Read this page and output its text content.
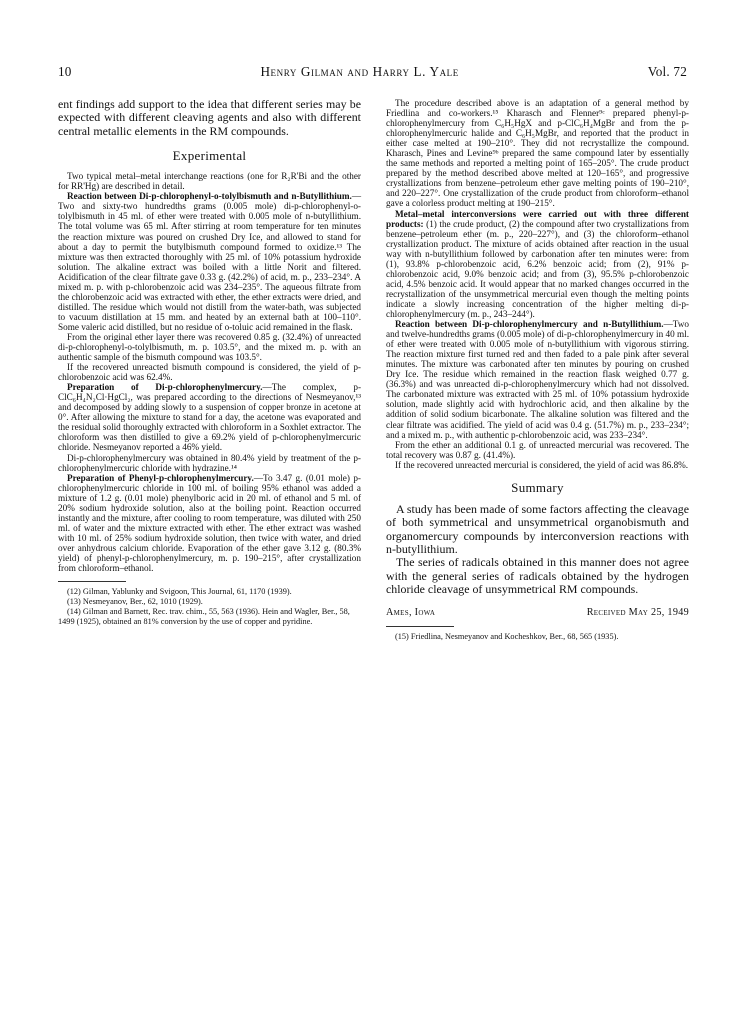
10	Henry Gilman and Harry L. Yale	Vol. 72

ent findings add support to the idea that different series may be expected with different cleaving agents and also with different central metallic elements in the RM compounds.

Experimental

Two typical metal–metal interchange reactions (one for R₂R'Bi and the other for RR'Hg) are described in detail.

Reaction between Di-p-chlorophenyl-o-tolylbismuth and n-Butyllithium.—Two and sixty-two hundredths grams (0.005 mole) di-p-chlorophenyl-o-tolylbismuth in 45 ml. of ether were treated with 0.005 mole of n-butyllithium. The total volume was 65 ml. After stirring at room temperature for ten minutes the reaction mixture was poured on crushed Dry Ice, and allowed to stand for about a day to permit the butylbismuth compound formed to oxidize.¹³ The mixture was then extracted thoroughly with 25 ml. of 10% potassium hydroxide solution. The alkaline extract was boiled with a little Norit and filtered. Acidification of the clear filtrate gave 0.33 g. (42.2%) of acid, m. p., 233–234°. A mixed m. p. with p-chlorobenzoic acid was 234–235°. The aqueous filtrate from the chlorobenzoic acid was extracted with ether, the ether extracts were dried, and distilled. The residue which would not distill from the water-bath, was subjected to vacuum distillation at 15 mm. and heated by an external bath at 100–110°. Some valeric acid distilled, but no residue of o-toluic acid remained in the flask.

From the original ether layer there was recovered 0.85 g. (32.4%) of unreacted di-p-chlorophenyl-o-tolylbismuth, m. p. 103.5°, and the mixed m. p. with an authentic sample of the bismuth compound was 103.5°.

If the recovered unreacted bismuth compound is considered, the yield of p-chlorobenzoic acid was 62.4%.

Preparation of Di-p-chlorophenylmercury.—The complex, p-ClC₆H₄N₂Cl·HgCl₂, was prepared according to the directions of Nesmeyanov,¹³ and decomposed by adding slowly to a suspension of copper bronze in acetone at 0°. After allowing the mixture to stand for a day, the acetone was evaporated and the residual solid thoroughly extracted with chloroform in a Soxhlet extractor. The chloroform was then distilled to give a 69.2% yield of p-chlorophenylmercuric chloride. Nesmeyanov reported a 46% yield.

Di-p-chlorophenylmercury was obtained in 80.4% yield by treatment of the p-chlorophenylmercuric chloride with hydrazine.¹⁴

Preparation of Phenyl-p-chlorophenylmercury.—To 3.47 g. (0.01 mole) p-chlorophenylmercuric chloride in 100 ml. of boiling 95% ethanol was added a mixture of 1.2 g. (0.01 mole) phenylboric acid in 20 ml. of ethanol and 5 ml. of 20% sodium hydroxide solution, also at the boiling point. Reaction occurred instantly and the mixture, after cooling to room temperature, was diluted with 250 ml. of water and the mixture extracted with ether. The ether extract was washed with 10 ml. of 25% sodium hydroxide solution, then twice with water, and dried over anhydrous calcium chloride. Evaporation of the ether gave 3.12 g. (80.3% yield) of phenyl-p-chlorophenylmercury, m. p. 190–215°, after crystallization from chloroform–ethanol.

(12) Gilman, Yablunky and Svigoon, This Journal, 61, 1170 (1939).

(13) Nesmeyanov, Ber., 62, 1010 (1929).

(14) Gilman and Barnett, Rec. trav. chim., 55, 563 (1936). Hein and Wagler, Ber., 58, 1499 (1925), obtained an 81% conversion by the use of copper and pyridine.

The procedure described above is an adaptation of a general method by Friedlina and co-workers.¹⁵ Kharasch and Flenner⁹ᶜ prepared phenyl-p-chlorophenylmercury from C₆H₅HgX and p-ClC₆H₄MgBr and from the p-chlorophenylmercuric halide and C₆H₅MgBr, and reported that the product in either case melted at 190–210°. They did not recrystallize the compound. Kharasch, Pines and Levine⁹ᵇ prepared the same compound later by essentially the same methods and reported a melting point of 165–205°. The crude product prepared by the method described above melted at 120–165°, and progressive crystallizations from benzene–petroleum ether gave melting points of 190–210°, and 220–227°. One crystallization of the crude product from chloroform–ethanol gave a colorless product melting at 190–215°.

Metal–metal interconversions were carried out with three different products: (1) the crude product, (2) the compound after two crystallizations from benzene–petroleum ether (m. p., 220–227°), and (3) the chloroform–ethanol crystallization product. The mixture of acids obtained after reaction in the usual way with n-butyllithium followed by carbonation after ten minutes were: from (1), 93.8% p-chlorobenzoic acid, 6.2% benzoic acid; from (2), 91% p-chlorobenzoic acid, 9.0% benzoic acid; and from (3), 95.5% p-chlorobenzoic acid, 4.5% benzoic acid. It would appear that no marked changes occurred in the recrystallization of the unsymmetrical mercurial even though the melting points indicate a slowly increasing concentration of the higher melting di-p-chlorophenylmercury (m. p., 243–244°).

Reaction between Di-p-chlorophenylmercury and n-Butyllithium.—Two and twelve-hundredths grams (0.005 mole) of di-p-chlorophenylmercury in 40 ml. of ether were treated with 0.005 mole of n-butyllithium with vigorous stirring. The reaction mixture first turned red and then faded to a pale pink after several minutes. The mixture was carbonated after ten minutes by pouring on crushed Dry Ice. The residue which remained in the reaction flask weighed 0.77 g. (36.3%) and was unreacted di-p-chlorophenylmercury which had not dissolved. The carbonated mixture was extracted with 25 ml. of 10% potassium hydroxide solution, made slightly acid with hydrochloric acid, and then alkaline by the addition of solid sodium bicarbonate. The alkaline solution was filtered and the clear filtrate was acidified. The yield of acid was 0.4 g. (51.7%) m. p., 233–234°; and a mixed m. p., with authentic p-chlorobenzoic acid, was 233–234°.

From the ether an additional 0.1 g. of unreacted mercurial was recovered. The total recovery was 0.87 g. (41.4%).

If the recovered unreacted mercurial is considered, the yield of acid was 86.8%.

Summary

A study has been made of some factors affecting the cleavage of both symmetrical and unsymmetrical organobismuth and organomercury compounds by interconversion reactions with n-butyllithium.

The series of radicals obtained in this manner does not agree with the general series of radicals obtained by the hydrogen chloride cleavage of unsymmetrical RM compounds.

Ames, Iowa	Received May 25, 1949

(15) Friedlina, Nesmeyanov and Kocheshkov, Ber., 68, 565 (1935).
